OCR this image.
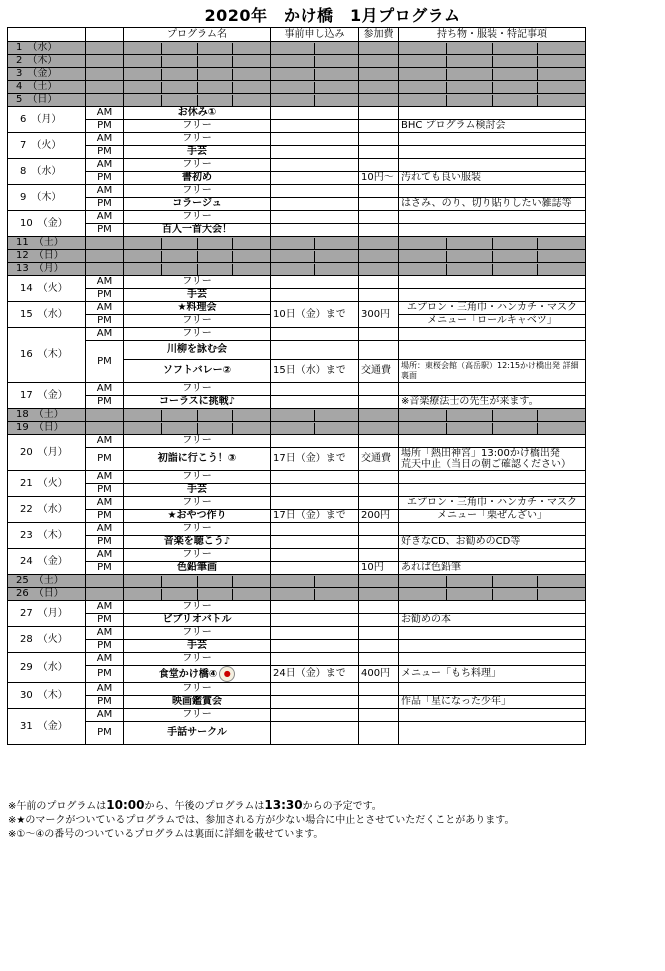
2020年　かけ橋　1月プログラム
		プログラム名	事前申し込み	参加費	持ち物・服装・特記事項
1　（水）		

2　（木）		

3　（金）		

4　（土）		

5　（日）		

6　（月）	AM	お休み①			
	PM	フリー			BHC プログラム検討会
7　（火）	AM	フリー			
	PM	手芸			
8　（水）	AM	フリー			
	PM	書初め		10円～	汚れても良い服装
9　（木）	AM	フリー			
	PM	コラージュ			はさみ、のり、切り貼りしたい雑誌等
10　（金）	AM	フリー			
	PM	百人一首大会！			
11　（土）		

12　（日）		

13　（月）		

14　（火）	AM	フリー			
	PM	手芸			
15　（水）	AM	★料理会	10日（金）まで	300円	エプロン・三角巾・ハンカチ・マスク
	PM	フリー			メニュー「ロールキャベツ」
16　（木）	AM	フリー			
	PM	川柳を詠む会			
		ソフトバレー②	15日（水）まで	交通費	場所：東桜会館（高岳駅）12:15かけ橋出発 詳細裏面
17　（金）	AM	フリー			
	PM	コーラスに挑戦♪			※音楽療法士の先生が来ます。
18　（土）		

19　（日）		

20　（月）	AM	フリー			
	PM	初詣に行こう！③	17日（金）まで	交通費	場所「熱田神宮」13:00かけ橋出発
荒天中止（当日の朝ご確認ください）

21　（火）	AM	フリー			
	PM	手芸			
22　（水）	AM	フリー			エプロン・三角巾・ハンカチ・マスク
	PM	★おやつ作り	17日（金）まで	200円	メニュー「栗ぜんざい」
23　（木）	AM	フリー			
	PM	音楽を聴こう♪			好きなCD、お勧めのCD等
24　（金）	AM	フリー			
	PM	色鉛筆画		10円	あれば色鉛筆
25　（土）		

26　（日）		

27　（月）	AM	フリー			
	PM	ビブリオバトル			お勧めの本
28　（火）	AM	フリー			
	PM	手芸			
29　（水）	AM	フリー			
	PM	食堂かけ橋④ ●	24日（金）まで	400円	メニュー「もち料理」
30　（木）	AM	フリー			
	PM	映画鑑賞会			作品「星になった少年」
31　（金）	AM	フリー			
	PM	手話サークル			
※午前のプログラムは10:00から、午後のプログラムは13:30からの予定です。
※★のマークがついているプログラムでは、参加される方が少ない場合に中止とさせていただくことがあります。
※①～④の番号のついているプログラムは裏面に詳細を載せています。
